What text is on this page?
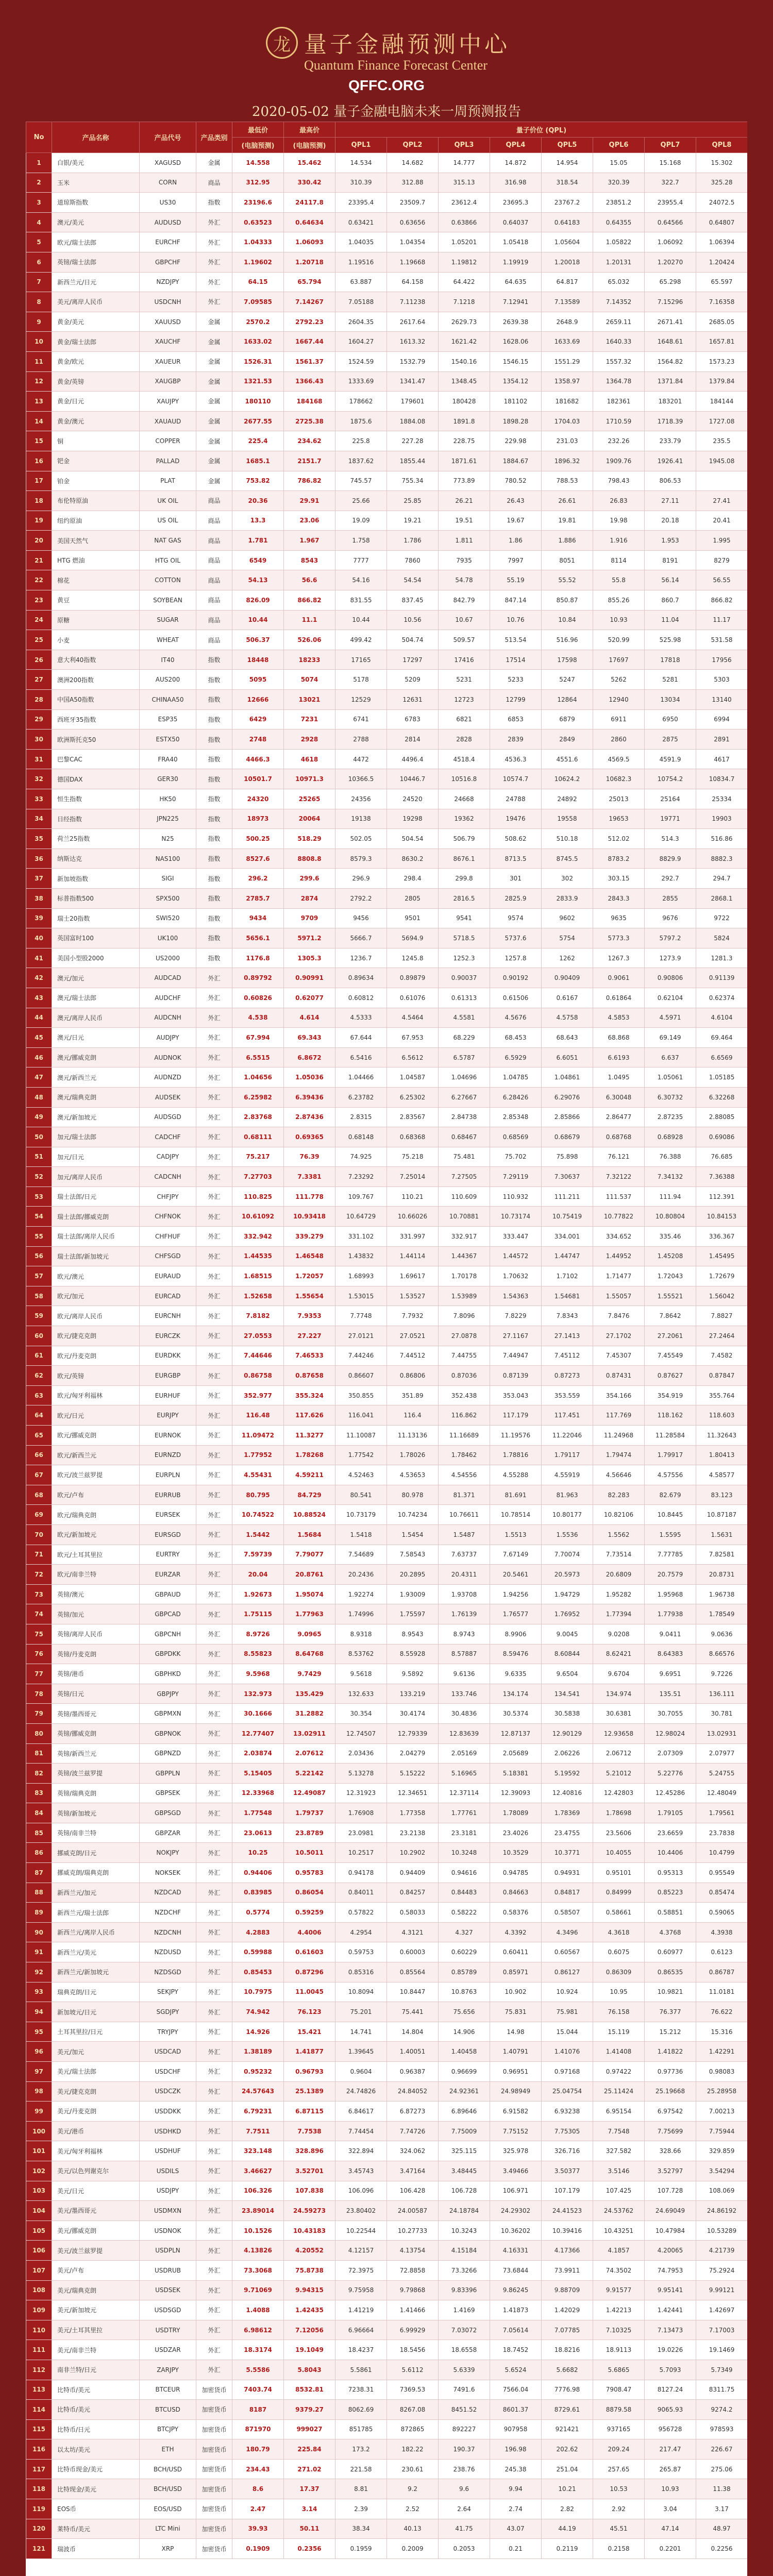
龙 量子金融预测中心
Quantum Finance Forecast Center
QFFC.ORG
2020-05-02 量子金融电脑未来一周预测报告
No	产品名称	产品代号	产品类别	最低价	最高价	量子价位 (QPL)							
				(电脑预测)	(电脑预测)	QPL1	QPL2	QPL3	QPL4	QPL5	QPL6	QPL7	QPL8
1	白银/美元	XAGUSD	金属	14.558	15.462	14.534	14.682	14.777	14.872	14.954	15.05	15.168	15.302
2	玉米	CORN	商品	312.95	330.42	310.39	312.88	315.13	316.98	318.54	320.39	322.7	325.28
3	道琼斯指数	US30	指数	23196.6	24117.8	23395.4	23509.7	23612.4	23695.3	23767.2	23851.2	23955.4	24072.5
4	澳元/美元	AUDUSD	外汇	0.63523	0.64634	0.63421	0.63656	0.63866	0.64037	0.64183	0.64355	0.64566	0.64807
5	欧元/瑞士法郎	EURCHF	外汇	1.04333	1.06093	1.04035	1.04354	1.05201	1.05418	1.05604	1.05822	1.06092	1.06394
6	英镑/瑞士法郎	GBPCHF	外汇	1.19602	1.20718	1.19516	1.19668	1.19812	1.19919	1.20018	1.20131	1.20270	1.20424
7	新西兰元/日元	NZDJPY	外汇	64.15	65.794	63.887	64.158	64.422	64.635	64.817	65.032	65.298	65.597
8	美元/离岸人民币	USDCNH	外汇	7.09585	7.14267	7.05188	7.11238	7.1218	7.12941	7.13589	7.14352	7.15296	7.16358
9	黄金/美元	XAUUSD	金属	2570.2	2792.23	2604.35	2617.64	2629.73	2639.38	2648.9	2659.11	2671.41	2685.05
10	黄金/瑞士法郎	XAUCHF	金属	1633.02	1667.44	1604.27	1613.32	1621.42	1628.06	1633.69	1640.33	1648.61	1657.81
11	黄金/欧元	XAUEUR	金属	1526.31	1561.37	1524.59	1532.79	1540.16	1546.15	1551.29	1557.32	1564.82	1573.23
12	黄金/英镑	XAUGBP	金属	1321.53	1366.43	1333.69	1341.47	1348.45	1354.12	1358.97	1364.78	1371.84	1379.84
13	黄金/日元	XAUJPY	金属	180110	184168	178662	179601	180428	181102	181682	182361	183201	184144
14	黄金/澳元	XAUAUD	金属	2677.55	2725.38	1875.6	1884.08	1891.8	1898.28	1704.03	1710.59	1718.39	1727.08
15	铜	COPPER	金属	225.4	234.62	225.8	227.28	228.75	229.98	231.03	232.26	233.79	235.5
16	钯金	PALLAD	金属	1685.1	2151.7	1837.62	1855.44	1871.61	1884.67	1896.32	1909.76	1926.41	1945.08
17	铂金	PLAT	金属	753.82	786.82	745.57	755.34	773.89	780.52	788.53	798.43	806.53	
18	布伦特原油	UK OIL	商品	20.36	29.91	25.66	25.85	26.21	26.43	26.61	26.83	27.11	27.41
19	纽约原油	US OIL	商品	13.3	23.06	19.09	19.21	19.51	19.67	19.81	19.98	20.18	20.41
20	美国天然气	NAT GAS	商品	1.781	1.967	1.758	1.786	1.811	1.86	1.886	1.916	1.953	1.995
21	HTG 燃油	HTG OIL	商品	6549	8543	7777	7860	7935	7997	8051	8114	8191	8279
22	棉花	COTTON	商品	54.13	56.6	54.16	54.54	54.78	55.19	55.52	55.8	56.14	56.55
23	黄豆	SOYBEAN	商品	826.09	866.82	831.55	837.45	842.79	847.14	850.87	855.26	860.7	866.82
24	原糖	SUGAR	商品	10.44	11.1	10.44	10.56	10.67	10.76	10.84	10.93	11.04	11.17
25	小麦	WHEAT	商品	506.37	526.06	499.42	504.74	509.57	513.54	516.96	520.99	525.98	531.58
26	意大利40指数	IT40	指数	18448	18233	17165	17297	17416	17514	17598	17697	17818	17956
27	澳洲200指数	AUS200	指数	5095	5074	5178	5209	5231	5233	5247	5262	5281	5303
28	中国A50指数	CHINAA50	指数	12666	13021	12529	12631	12723	12799	12864	12940	13034	13140
29	西班牙35指数	ESP35	指数	6429	7231	6741	6783	6821	6853	6879	6911	6950	6994
30	欧洲斯托克50	ESTX50	指数	2748	2928	2788	2814	2828	2839	2849	2860	2875	2891
31	巴黎CAC	FRA40	指数	4466.3	4618	4472	4496.4	4518.4	4536.3	4551.6	4569.5	4591.9	4617
32	德国DAX	GER30	指数	10501.7	10971.3	10366.5	10446.7	10516.8	10574.7	10624.2	10682.3	10754.2	10834.7
33	恒生指数	HK50	指数	24320	25265	24356	24520	24668	24788	24892	25013	25164	25334
34	日经指数	JPN225	指数	18973	20064	19138	19298	19362	19476	19558	19653	19771	19903
35	荷兰25指数	N25	指数	500.25	518.29	502.05	504.54	506.79	508.62	510.18	512.02	514.3	516.86
36	纳斯达克	NAS100	指数	8527.6	8808.8	8579.3	8630.2	8676.1	8713.5	8745.5	8783.2	8829.9	8882.3
37	新加坡指数	SIGI	指数	296.2	299.6	296.9	298.4	299.8	301	302	303.15	292.7	294.7
38	标普指数500	SPX500	指数	2785.7	2874	2792.2	2805	2816.5	2825.9	2833.9	2843.3	2855	2868.1
39	瑞士20指数	SWI520	指数	9434	9709	9456	9501	9541	9574	9602	9635	9676	9722
40	英国富时100	UK100	指数	5656.1	5971.2	5666.7	5694.9	5718.5	5737.6	5754	5773.3	5797.2	5824
41	美国小型股2000	US2000	指数	1176.8	1305.3	1236.7	1245.8	1252.3	1257.8	1262	1267.3	1273.9	1281.3
42	澳元/加元	AUDCAD	外汇	0.89792	0.90991	0.89634	0.89879	0.90037	0.90192	0.90409	0.9061	0.90806	0.91139
43	澳元/瑞士法郎	AUDCHF	外汇	0.60826	0.62077	0.60812	0.61076	0.61313	0.61506	0.6167	0.61864	0.62104	0.62374
44	澳元/离岸人民币	AUDCNH	外汇	4.538	4.614	4.5333	4.5464	4.5581	4.5676	4.5758	4.5853	4.5971	4.6104
45	澳元/日元	AUDJPY	外汇	67.994	69.343	67.644	67.953	68.229	68.453	68.643	68.868	69.149	69.464
46	澳元/挪威克朗	AUDNOK	外汇	6.5515	6.8672	6.5416	6.5612	6.5787	6.5929	6.6051	6.6193	6.637	6.6569
47	澳元/新西兰元	AUDNZD	外汇	1.04656	1.05036	1.04466	1.04587	1.04696	1.04785	1.04861	1.0495	1.05061	1.05185
48	澳元/瑞典克朗	AUDSEK	外汇	6.25982	6.39436	6.23782	6.25302	6.27667	6.28426	6.29076	6.30048	6.30732	6.32268
49	澳元/新加坡元	AUDSGD	外汇	2.83768	2.87436	2.8315	2.83567	2.84738	2.85348	2.85866	2.86477	2.87235	2.88085
50	加元/瑞士法郎	CADCHF	外汇	0.68111	0.69365	0.68148	0.68368	0.68467	0.68569	0.68679	0.68768	0.68928	0.69086
51	加元/日元	CADJPY	外汇	75.217	76.39	74.925	75.218	75.481	75.702	75.898	76.121	76.388	76.685
52	加元/离岸人民币	CADCNH	外汇	7.27703	7.3381	7.23292	7.25014	7.27505	7.29119	7.30637	7.32122	7.34132	7.36388
53	瑞士法郎/日元	CHFJPY	外汇	110.825	111.778	109.767	110.21	110.609	110.932	111.211	111.537	111.94	112.391
54	瑞士法郎/挪威克朗	CHFNOK	外汇	10.61092	10.93418	10.64729	10.66026	10.70881	10.73174	10.75419	10.77822	10.80804	10.84153
55	瑞士法郎/离岸人民币	CHFHUF	外汇	332.942	339.279	331.102	331.997	332.917	333.447	334.001	334.652	335.46	336.367
56	瑞士法郎/新加坡元	CHFSGD	外汇	1.44535	1.46548	1.43832	1.44114	1.44367	1.44572	1.44747	1.44952	1.45208	1.45495
57	欧元/澳元	EURAUD	外汇	1.68515	1.72057	1.68993	1.69617	1.70178	1.70632	1.7102	1.71477	1.72043	1.72679
58	欧元/加元	EURCAD	外汇	1.52658	1.55654	1.53015	1.53527	1.53989	1.54363	1.54681	1.55057	1.55521	1.56042
59	欧元/离岸人民币	EURCNH	外汇	7.8182	7.9353	7.7748	7.7932	7.8096	7.8229	7.8343	7.8476	7.8642	7.8827
60	欧元/捷克克朗	EURCZK	外汇	27.0553	27.227	27.0121	27.0521	27.0878	27.1167	27.1413	27.1702	27.2061	27.2464
61	欧元/丹麦克朗	EURDKK	外汇	7.44646	7.46533	7.44246	7.44512	7.44755	7.44947	7.45112	7.45307	7.45549	7.4582
62	欧元/英镑	EURGBP	外汇	0.86758	0.87658	0.86607	0.86806	0.87036	0.87139	0.87273	0.87431	0.87627	0.87847
63	欧元/匈牙利福林	EURHUF	外汇	352.977	355.324	350.855	351.89	352.438	353.043	353.559	354.166	354.919	355.764
64	欧元/日元	EURJPY	外汇	116.48	117.626	116.041	116.4	116.862	117.179	117.451	117.769	118.162	118.603
65	欧元/挪威克朗	EURNOK	外汇	11.09472	11.3277	11.10087	11.13136	11.16689	11.19576	11.22046	11.24968	11.28584	11.32643
66	欧元/新西兰元	EURNZD	外汇	1.77952	1.78268	1.77542	1.78026	1.78462	1.78816	1.79117	1.79474	1.79917	1.80413
67	欧元/波兰兹罗提	EURPLN	外汇	4.55431	4.59211	4.52463	4.53653	4.54556	4.55288	4.55919	4.56646	4.57556	4.58577
68	欧元/卢布	EURRUB	外汇	80.795	84.729	80.541	80.978	81.371	81.691	81.963	82.283	82.679	83.123
69	欧元/瑞典克朗	EURSEK	外汇	10.74522	10.88524	10.73179	10.74234	10.76611	10.78514	10.80177	10.82106	10.8445	10.87187
70	欧元/新加坡元	EURSGD	外汇	1.5442	1.5684	1.5418	1.5454	1.5487	1.5513	1.5536	1.5562	1.5595	1.5631
71	欧元/土耳其里拉	EURTRY	外汇	7.59739	7.79077	7.54689	7.58543	7.63737	7.67149	7.70074	7.73514	7.77785	7.82581
72	欧元/南非兰特	EURZAR	外汇	20.04	20.8761	20.2436	20.2895	20.4311	20.5461	20.5973	20.6809	20.7579	20.8731
73	英镑/澳元	GBPAUD	外汇	1.92673	1.95074	1.92274	1.93009	1.93708	1.94256	1.94729	1.95282	1.95968	1.96738
74	英镑/加元	GBPCAD	外汇	1.75115	1.77963	1.74996	1.75597	1.76139	1.76577	1.76952	1.77394	1.77938	1.78549
75	英镑/离岸人民币	GBPCNH	外汇	8.9726	9.0965	8.9318	8.9543	8.9743	8.9906	9.0045	9.0208	9.0411	9.0636
76	英镑/丹麦克朗	GBPDKK	外汇	8.55823	8.64768	8.53762	8.55928	8.57887	8.59476	8.60844	8.62421	8.64383	8.66576
77	英镑/港币	GBPHKD	外汇	9.5968	9.7429	9.5618	9.5892	9.6136	9.6335	9.6504	9.6704	9.6951	9.7226
78	英镑/日元	GBPJPY	外汇	132.973	135.429	132.633	133.219	133.746	134.174	134.541	134.974	135.51	136.111
79	英镑/墨西哥元	GBPMXN	外汇	30.1666	31.2882	30.354	30.4174	30.4836	30.5374	30.5838	30.6381	30.7055	30.781
80	英镑/挪威克朗	GBPNOK	外汇	12.77407	13.02911	12.74507	12.79339	12.83639	12.87137	12.90129	12.93658	12.98024	13.02931
81	英镑/新西兰元	GBPNZD	外汇	2.03874	2.07612	2.03436	2.04279	2.05169	2.05689	2.06226	2.06712	2.07309	2.07977
82	英镑/波兰兹罗提	GBPPLN	外汇	5.15405	5.22142	5.13278	5.15222	5.16965	5.18381	5.19592	5.21012	5.22776	5.24755
83	英镑/瑞典克朗	GBPSEK	外汇	12.33968	12.49087	12.31923	12.34651	12.37114	12.39093	12.40816	12.42803	12.45286	12.48049
84	英镑/新加坡元	GBPSGD	外汇	1.77548	1.79737	1.76908	1.77358	1.77761	1.78089	1.78369	1.78698	1.79105	1.79561
85	英镑/南非兰特	GBPZAR	外汇	23.0613	23.8789	23.0981	23.2138	23.3181	23.4026	23.4755	23.5606	23.6659	23.7838
86	挪威克朗/日元	NOKJPY	外汇	10.25	10.5011	10.2517	10.2902	10.3248	10.3529	10.3771	10.4055	10.4406	10.4799
87	挪威克朗/瑞典克朗	NOKSEK	外汇	0.94406	0.95783	0.94178	0.94409	0.94616	0.94785	0.94931	0.95101	0.95313	0.95549
88	新西兰元/加元	NZDCAD	外汇	0.83985	0.86054	0.84011	0.84257	0.84483	0.84663	0.84817	0.84999	0.85223	0.85474
89	新西兰元/瑞士法郎	NZDCHF	外汇	0.5774	0.59259	0.57822	0.58033	0.58222	0.58376	0.58507	0.58661	0.58851	0.59065
90	新西兰元/离岸人民币	NZDCNH	外汇	4.2883	4.4006	4.2954	4.3121	4.327	4.3392	4.3496	4.3618	4.3768	4.3938
91	新西兰元/美元	NZDUSD	外汇	0.59988	0.61603	0.59753	0.60003	0.60229	0.60411	0.60567	0.6075	0.60977	0.6123
92	新西兰元/新加坡元	NZDSGD	外汇	0.85453	0.87296	0.85316	0.85564	0.85789	0.85971	0.86127	0.86309	0.86535	0.86787
93	瑞典克朗/日元	SEKJPY	外汇	10.7975	11.0045	10.8094	10.8447	10.8763	10.902	10.924	10.95	10.9821	11.0181
94	新加坡元/日元	SGDJPY	外汇	74.942	76.123	75.201	75.441	75.656	75.831	75.981	76.158	76.377	76.622
95	土耳其里拉/日元	TRYJPY	外汇	14.926	15.421	14.741	14.804	14.906	14.98	15.044	15.119	15.212	15.316
96	美元/加元	USDCAD	外汇	1.38189	1.41877	1.39645	1.40051	1.40458	1.40791	1.41076	1.41408	1.41822	1.42291
97	美元/瑞士法郎	USDCHF	外汇	0.95232	0.96793	0.9604	0.96387	0.96699	0.96951	0.97168	0.97422	0.97736	0.98083
98	美元/捷克克朗	USDCZK	外汇	24.57643	25.1389	24.74826	24.84052	24.92361	24.98949	25.04754	25.11424	25.19668	25.28958
99	美元/丹麦克朗	USDDKK	外汇	6.79231	6.87115	6.84617	6.87273	6.89646	6.91582	6.93238	6.95154	6.97542	7.00213
100	美元/港币	USDHKD	外汇	7.7511	7.7538	7.74454	7.74726	7.75009	7.75152	7.75305	7.7548	7.75699	7.75944
101	美元/匈牙利福林	USDHUF	外汇	323.148	328.896	322.894	324.062	325.115	325.978	326.716	327.582	328.66	329.859
102	美元/以色列谢克尔	USDILS	外汇	3.46627	3.52701	3.45743	3.47164	3.48445	3.49466	3.50377	3.5146	3.52797	3.54294
103	美元/日元	USDJPY	外汇	106.326	107.838	106.096	106.428	106.728	106.971	107.179	107.425	107.728	108.069
104	美元/墨西哥元	USDMXN	外汇	23.89014	24.59273	23.80402	24.00587	24.18784	24.29302	24.41523	24.53762	24.69049	24.86192
105	美元/挪威克朗	USDNOK	外汇	10.1526	10.43183	10.22544	10.27733	10.3243	10.36202	10.39416	10.43251	10.47984	10.53289
106	美元/波兰兹罗提	USDPLN	外汇	4.13826	4.20552	4.12157	4.13754	4.15184	4.16331	4.17366	4.1857	4.20065	4.21739
107	美元/卢布	USDRUB	外汇	73.3068	75.8738	72.3975	72.8858	73.3266	73.6844	73.9911	74.3502	74.7953	75.2924
108	美元/瑞典克朗	USDSEK	外汇	9.71069	9.94315	9.75958	9.79868	9.83396	9.86245	9.88709	9.91577	9.95141	9.99121
109	美元/新加坡元	USDSGD	外汇	1.4088	1.42435	1.41219	1.41466	1.4169	1.41873	1.42029	1.42213	1.42441	1.42697
110	美元/土耳其里拉	USDTRY	外汇	6.98612	7.12056	6.96664	6.99929	7.03072	7.05614	7.07785	7.10325	7.13473	7.17003
111	美元/南非兰特	USDZAR	外汇	18.3174	19.1049	18.4237	18.5456	18.6558	18.7452	18.8216	18.9113	19.0226	19.1469
112	南非兰特/日元	ZARJPY	外汇	5.5586	5.8043	5.5861	5.6112	5.6339	5.6524	5.6682	5.6865	5.7093	5.7349
113	比特币/美元	BTCEUR	加密货币	7403.74	8532.81	7238.31	7369.53	7491.6	7566.04	7776.98	7908.47	8127.24	8311.75
114	比特币/美元	BTCUSD	加密货币	8187	9379.27	8062.69	8267.08	8451.52	8601.37	8729.61	8879.58	9065.93	9274.2
115	比特币/日元	BTCJPY	加密货币	871970	999027	851785	872865	892227	907958	921421	937165	956728	978593
116	以太坊/美元	ETH	加密货币	180.79	225.84	173.2	182.22	190.37	196.98	202.62	209.24	217.47	226.67
117	比特币现金/美元	BCH/USD	加密货币	234.43	271.02	221.58	230.61	238.76	245.38	251.04	257.65	265.87	275.06
118	比特现金/美元	BCH/USD	加密货币	8.6	17.37	8.81	9.2	9.6	9.94	10.21	10.53	10.93	11.38
119	EOS币	EOS/USD	加密货币	2.47	3.14	2.39	2.52	2.64	2.74	2.82	2.92	3.04	3.17
120	莱特币/美元	LTC Mini	加密货币	39.93	50.11	38.34	40.13	41.75	43.07	44.19	45.51	47.14	48.97
121	瑞波币	XRP	加密货币	0.1909	0.2356	0.1959	0.2009	0.2053	0.21	0.2119	0.2158	0.2201	0.2256
